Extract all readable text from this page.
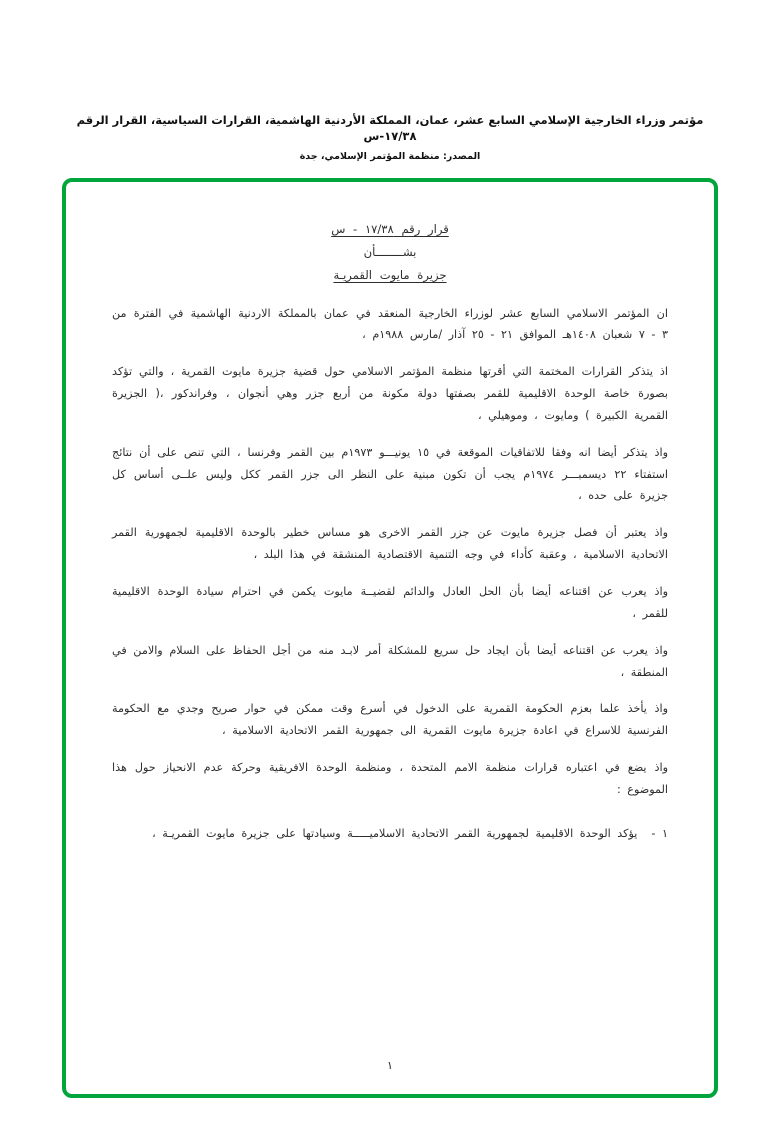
مؤتمر وزراء الخارجية الإسلامي السابع عشر، عمان، المملكة الأردنية الهاشمية، القرارات السياسية، القرار الرقم ١٧/٣٨-س
المصدر: منظمة المؤتمر الإسلامي، جدة
قرار رقم ١٧/٣٨ - س
بشــــــــأن
جزيرة مايوت القمريـة
ان المؤتمر الاسلامي السابع عشر لوزراء الخارجية المنعقد في عمان بالمملكة الاردنية الهاشمية في الفترة من ٣ - ٧ شعبان ١٤٠٨هـ الموافق ٢١ - ٢٥ آذار /مارس ١٩٨٨م ،
اذ يتذكر القرارات المختمة التي أقرتها منظمة المؤتمر الاسلامي حول قضية جزيرة مايوت القمرية ، والتي تؤكد بصورة خاصة الوحدة الاقليمية للقمر بصفتها دولة مكونة من أربع جزر وهي أنجوان ، وفراندكور ،( الجزيرة القمرية الكبيرة ) ومايوت ، وموهيلي ،
واذ يتذكر أيضا انه وفقا للاتفاقيات الموقعة في ١٥ يونيـــو ١٩٧٣م بين القمر وفرنسا ، التي تنص على أن نتائج استفتاء ٢٢ ديسمبـــر ١٩٧٤م يجب أن تكون مبنية على النظر الى جزر القمر ككل وليس علــى أساس كل جزيرة على حده ،
واذ يعتبر أن فصل جزيرة مايوت عن جزر القمر الاخرى هو مساس خطير بالوحدة الاقليمية لجمهورية القمر الاتحادية الاسلامية ، وعقبة كأداء في وجه التنمية الاقتصادية المنشقة في هذا البلد ،
واذ يعرب عن اقتناعه أيضا بأن الحل العادل والدائم لقضيــة مايوت يكمن في احترام سيادة الوحدة الاقليمية للقمر ،
واذ يعرب عن اقتناعه أيضا بأن ايجاد حل سريع للمشكلة أمر لابـد منه من أجل الحفاظ على السلام والامن في المنطقة ،
واذ يأخذ علما بعزم الحكومة القمرية على الدخول في أسرع وقت ممكن في حوار صريح وجدي مع الحكومة الفرنسية للاسراع في اعادة جزيرة مايوت القمرية الى جمهورية القمر الاتحادية الاسلامية ،
واذ يضع في اعتباره قرارات منظمة الامم المتحدة ، ومنظمة الوحدة الافريقية وحركة عدم الانحياز حول هذا الموضوع :
١ -
يؤكد الوحدة الاقليمية لجمهورية القمر الاتحادية الاسلاميـــــة وسيادتها على جزيرة مايوت القمريـة ،
١
